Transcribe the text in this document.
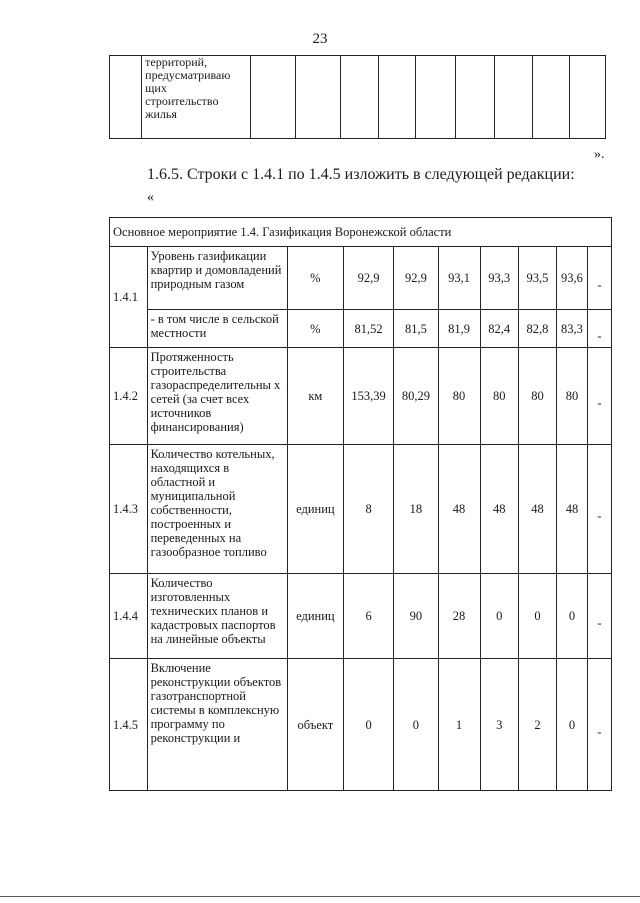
23

территорий,
предусматриваю
щих
строительство
жилья

».
1.6.5. Строки с 1.4.1 по 1.4.5 изложить в следующей редакции:
«
Основное мероприятие 1.4. Газификация Воронежской области									
1.4.1	Уровень газификации квартир и домовладений природным газом	%	92,9	92,9	93,1	93,3	93,5	93,6	-
	- в том числе в сельской местности	%	81,52	81,5	81,9	82,4	82,8	83,3	-
1.4.2	Протяженность строительства газораспределительны х сетей (за счет всех источников финансирования)	км	153,39	80,29	80	80	80	80	-
1.4.3	Количество котельных, находящихся в областной и муниципальной собственности, построенных и переведенных на газообразное топливо	единиц	8	18	48	48	48	48	-
1.4.4	Количество изготовленных технических планов и кадастровых паспортов на линейные объекты	единиц	6	90	28	0	0	0	-
1.4.5	Включение реконструкции объектов газотранспортной системы в комплексную программу по реконструкции и	объект	0	0	1	3	2	0	-
